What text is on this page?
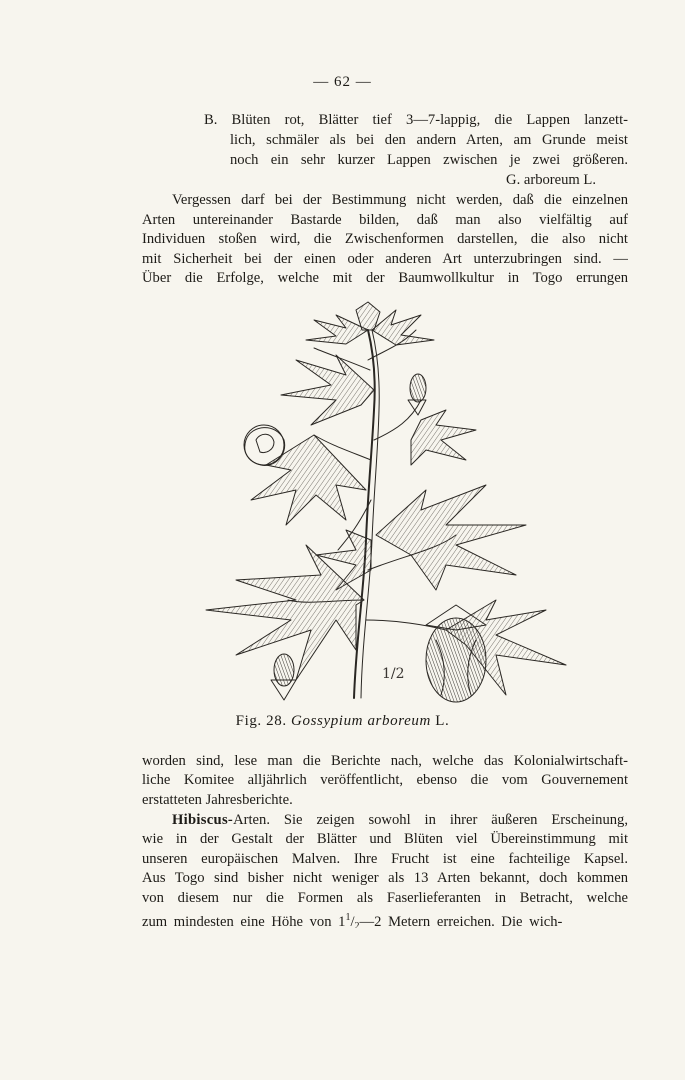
— 62 —
B. Blüten rot, Blätter tief 3—7-lappig, die Lappen lanzett-
lich, schmäler als bei den andern Arten, am Grunde meist
noch ein sehr kurzer Lappen zwischen je zwei größeren.
G. arboreum L.
Vergessen darf bei der Bestimmung nicht werden, daß die einzelnen
Arten untereinander Bastarde bilden, daß man also vielfältig auf
Individuen stoßen wird, die Zwischenformen darstellen, die also nicht
mit Sicherheit bei der einen oder anderen Art unterzubringen sind. —
Über die Erfolge, welche mit der Baumwollkultur in Togo errungen
1/2
Fig. 28. Gossypium arboreum L.
worden sind, lese man die Berichte nach, welche das Kolonialwirtschaft-
liche Komitee alljährlich veröffentlicht, ebenso die vom Gouvernement
erstatteten Jahresberichte.
Hibiscus-Arten. Sie zeigen sowohl in ihrer äußeren Erscheinung,
wie in der Gestalt der Blätter und Blüten viel Übereinstimmung mit
unseren europäischen Malven. Ihre Frucht ist eine fachteilige Kapsel.
Aus Togo sind bisher nicht weniger als 13 Arten bekannt, doch kommen
von diesem nur die Formen als Faserlieferanten in Betracht, welche
zum mindesten eine Höhe von $1^1/_2—2$ Metern erreichen. Die wich-
